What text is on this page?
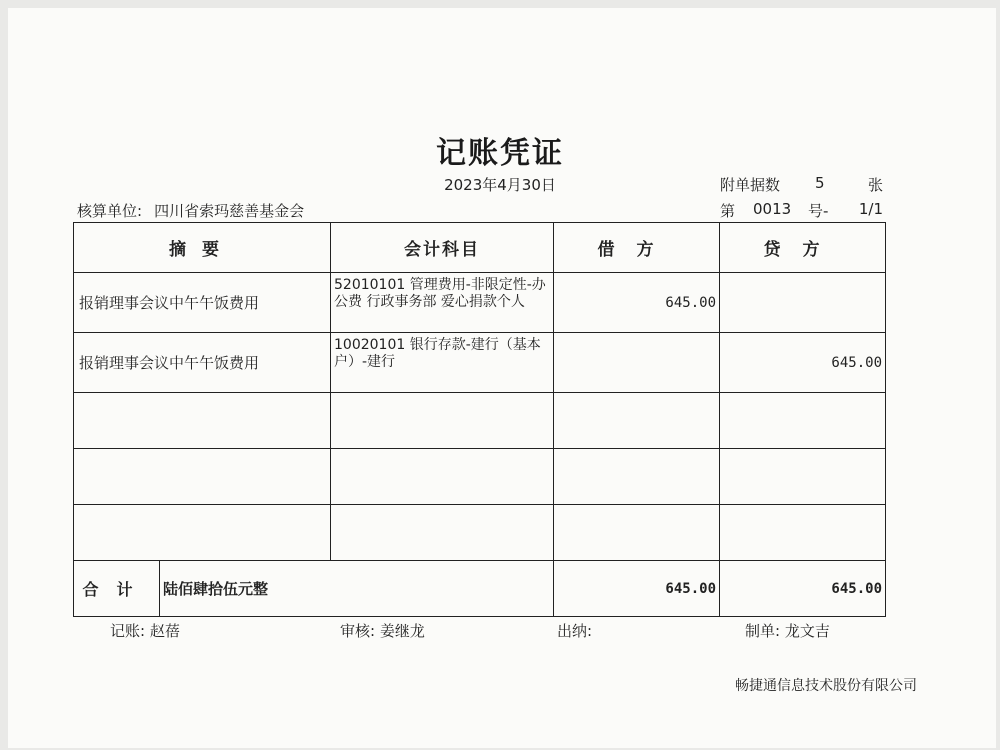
记账凭证
2023年4月30日
核算单位: 四川省索玛慈善基金会
附单据数 5	张
第 0013 号- 1/1
摘要		会计科目	借方	贷方
报销理事会议中午午饭费用		52010101 管理费用-非限定性-办公费 行政事务部 爱心捐款个人	645.00	
报销理事会议中午午饭费用		10020101 银行存款-建行（基本户）-建行		645.00

合计	陆佰肆拾伍元整		645.00	645.00
记账: 赵蓓	审核: 姜继龙	出纳:	制单: 龙文吉
畅捷通信息技术股份有限公司
